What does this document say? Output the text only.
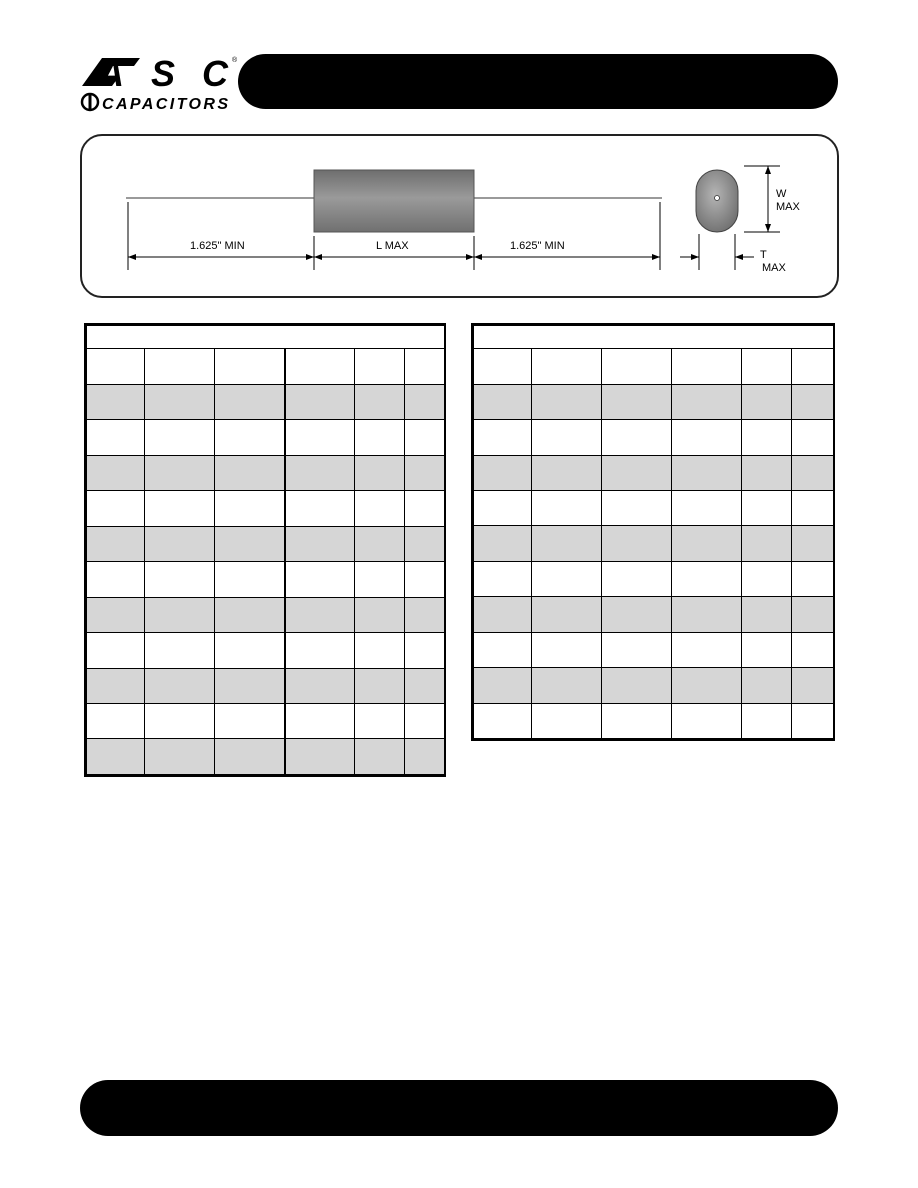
ASC ®
CAPACITORS
1.625" MIN	L MAX	1.625" MIN
W
MAX
T
MAX
